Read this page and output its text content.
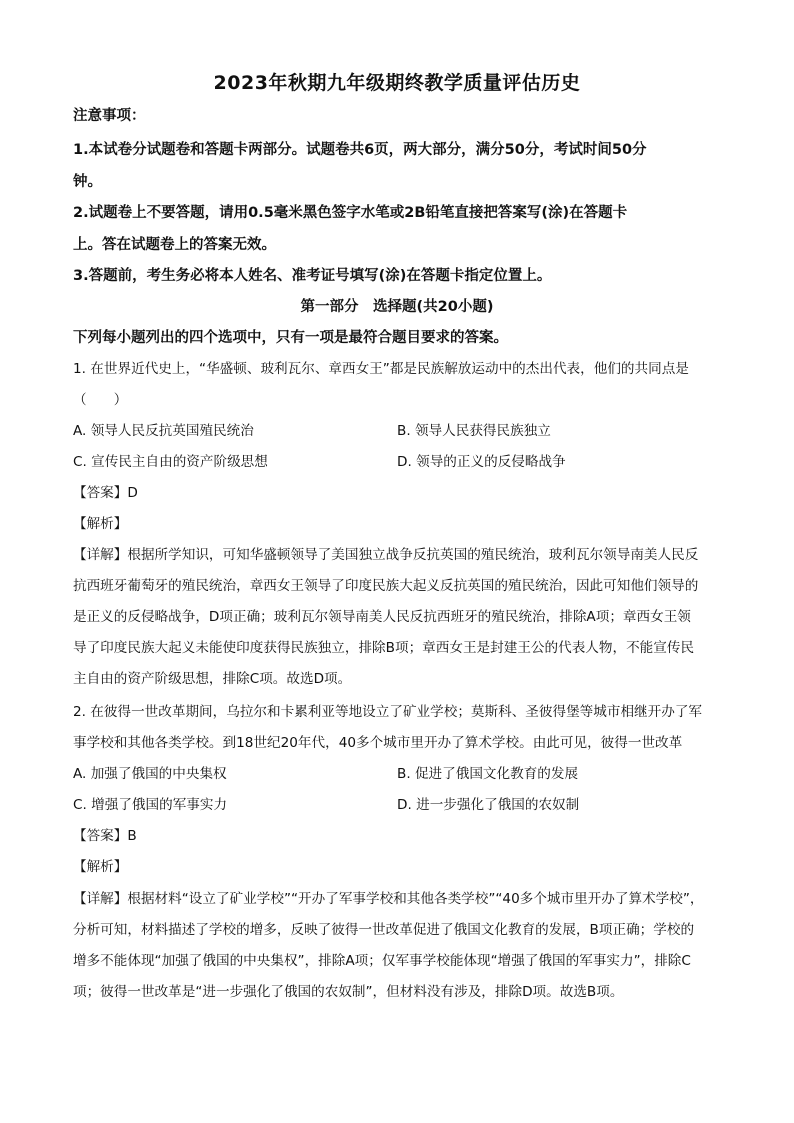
2023年秋期九年级期终教学质量评估历史
注意事项：
1.本试卷分试题卷和答题卡两部分。试题卷共6页，两大部分，满分50分，考试时间50分
钟。
2.试题卷上不要答题，请用0.5毫米黑色签字水笔或2B铅笔直接把答案写(涂)在答题卡
上。答在试题卷上的答案无效。
3.答题前，考生务必将本人姓名、准考证号填写(涂)在答题卡指定位置上。
第一部分　选择题(共20小题)
下列每小题列出的四个选项中，只有一项是最符合题目要求的答案。
1. 在世界近代史上，“华盛顿、玻利瓦尔、章西女王”都是民族解放运动中的杰出代表，他们的共同点是
（　　）
A. 领导人民反抗英国殖民统治	B. 领导人民获得民族独立
C. 宣传民主自由的资产阶级思想	D. 领导的正义的反侵略战争
【答案】D
【解析】
【详解】根据所学知识，可知华盛顿领导了美国独立战争反抗英国的殖民统治，玻利瓦尔领导南美人民反
抗西班牙葡萄牙的殖民统治，章西女王领导了印度民族大起义反抗英国的殖民统治，因此可知他们领导的
是正义的反侵略战争，D项正确；玻利瓦尔领导南美人民反抗西班牙的殖民统治，排除A项；章西女王领
导了印度民族大起义未能使印度获得民族独立，排除B项；章西女王是封建王公的代表人物，不能宣传民
主自由的资产阶级思想，排除C项。故选D项。
2. 在彼得一世改革期间，乌拉尔和卡累利亚等地设立了矿业学校；莫斯科、圣彼得堡等城市相继开办了军
事学校和其他各类学校。到18世纪20年代，40多个城市里开办了算术学校。由此可见，彼得一世改革
A. 加强了俄国的中央集权	B. 促进了俄国文化教育的发展
C. 增强了俄国的军事实力	D. 进一步强化了俄国的农奴制
【答案】B
【解析】
【详解】根据材料“设立了矿业学校”“开办了军事学校和其他各类学校”“40多个城市里开办了算术学校”，
分析可知，材料描述了学校的增多，反映了彼得一世改革促进了俄国文化教育的发展，B项正确；学校的
增多不能体现“加强了俄国的中央集权”，排除A项；仅军事学校能体现“增强了俄国的军事实力”，排除C
项；彼得一世改革是“进一步强化了俄国的农奴制”，但材料没有涉及，排除D项。故选B项。
